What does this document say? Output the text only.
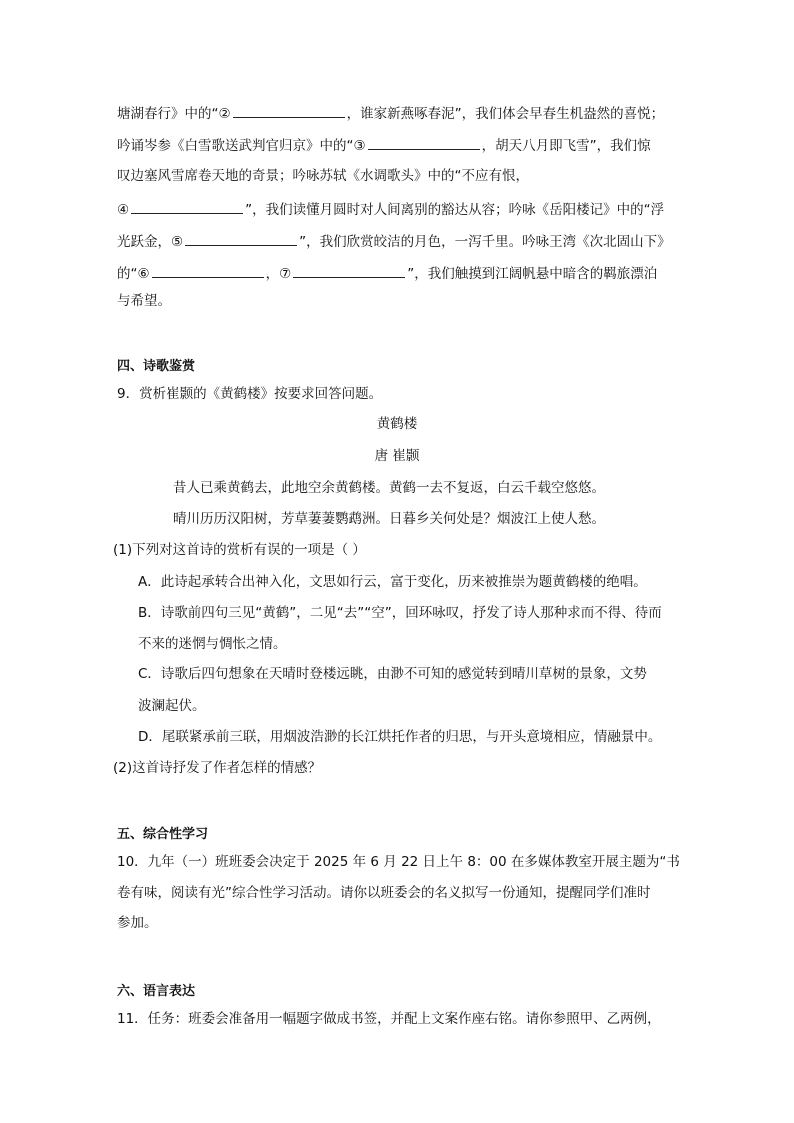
塘湖春行》中的“②	，谁家新燕啄春泥”，我们体会早春生机盎然的喜悦；
吟诵岑参《白雪歌送武判官归京》中的“③	，胡天八月即飞雪”，我们惊
叹边塞风雪席卷天地的奇景；吟咏苏轼《水调歌头》中的“不应有恨，
④	”，我们读懂月圆时对人间离别的豁达从容；吟咏《岳阳楼记》中的“浮
光跃金，⑤	”，我们欣赏皎洁的月色，一泻千里。吟咏王湾《次北固山下》
的“⑥	，⑦	”，我们触摸到江阔帆悬中暗含的羁旅漂泊
与希望。
四、诗歌鉴赏
9．赏析崔颢的《黄鹤楼》按要求回答问题。
黄鹤楼
唐 崔颢
昔人已乘黄鹤去，此地空余黄鹤楼。黄鹤一去不复返，白云千载空悠悠。
晴川历历汉阳树，芳草萋萋鹦鹉洲。日暮乡关何处是？烟波江上使人愁。
(1)下列对这首诗的赏析有误的一项是（ ）
A．此诗起承转合出神入化，文思如行云，富于变化，历来被推崇为题黄鹤楼的绝唱。
B．诗歌前四句三见“黄鹤”，二见“去”“空”，回环咏叹，抒发了诗人那种求而不得、待而
不来的迷惘与惆怅之情。
C．诗歌后四句想象在天晴时登楼远眺，由渺不可知的感觉转到晴川草树的景象，文势
波澜起伏。
D．尾联紧承前三联，用烟波浩渺的长江烘托作者的归思，与开头意境相应，情融景中。
(2)这首诗抒发了作者怎样的情感？
五、综合性学习
10．九年（一）班班委会决定于 2025 年 6 月 22 日上午 8：00 在多媒体教室开展主题为“书
卷有味，阅读有光”综合性学习活动。请你以班委会的名义拟写一份通知，提醒同学们准时
参加。
六、语言表达
11．任务：班委会准备用一幅题字做成书签，并配上文案作座右铭。请你参照甲、乙两例，
